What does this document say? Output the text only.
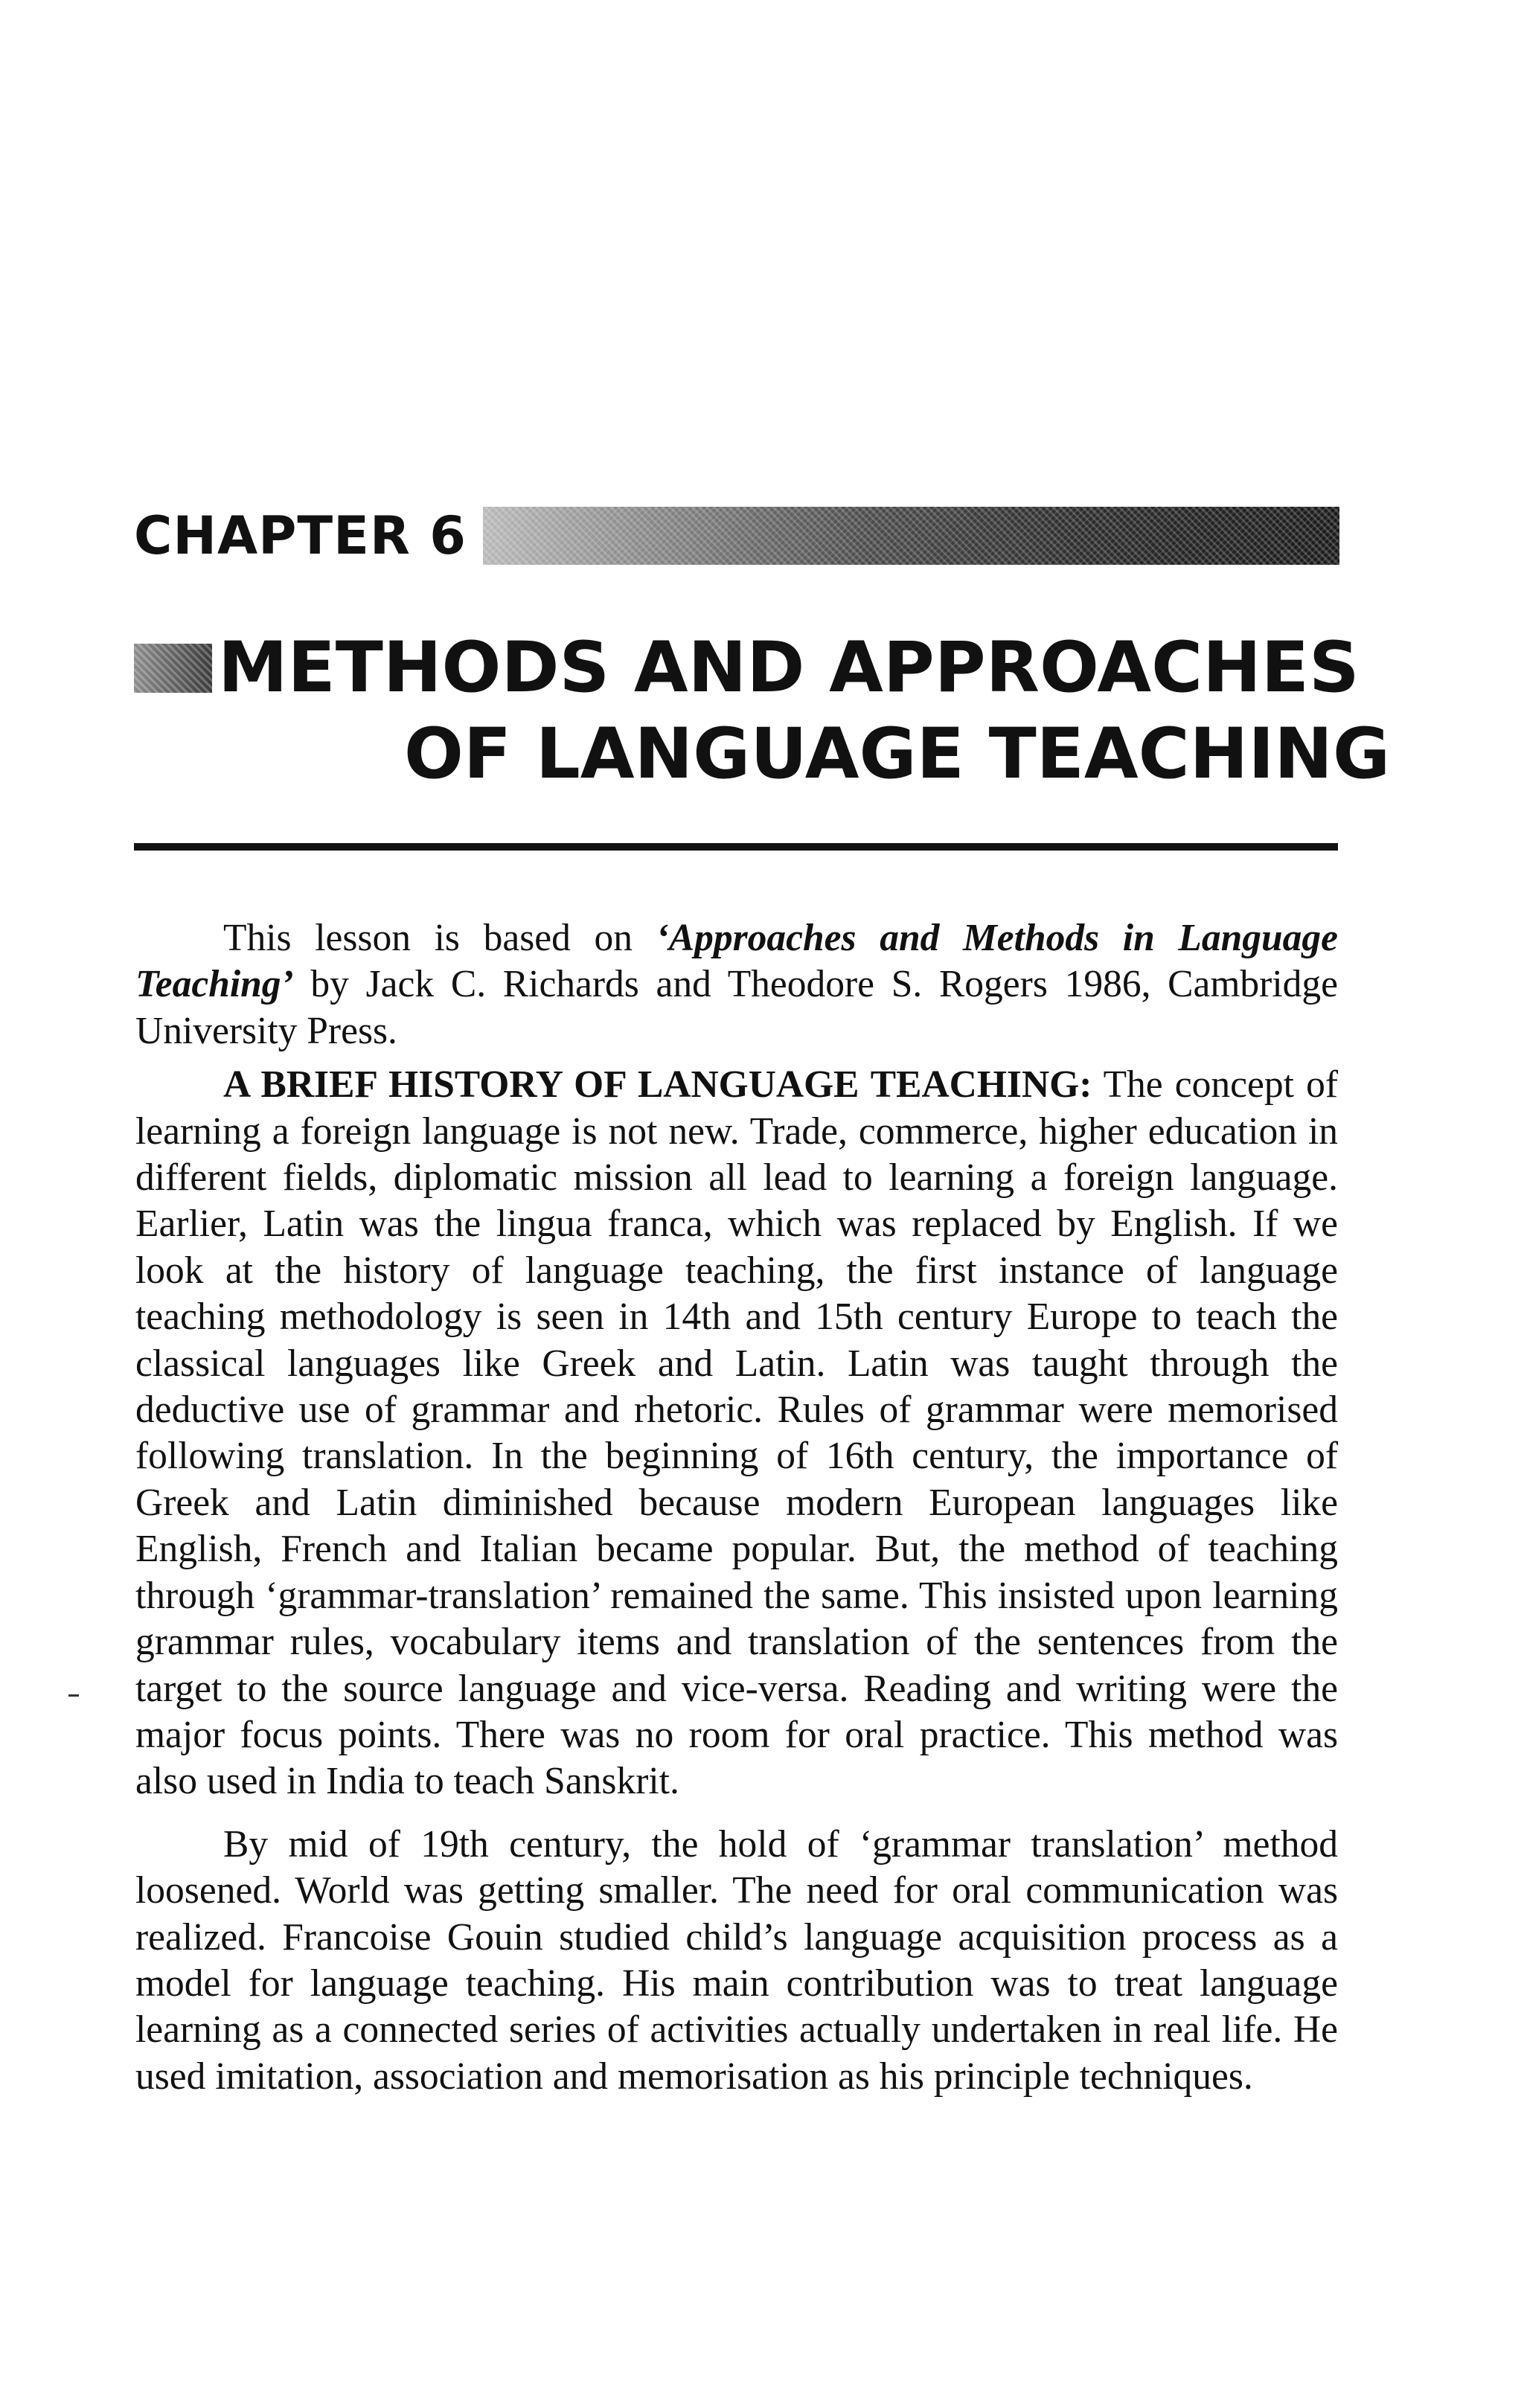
CHAPTER 6
METHODS AND APPROACHES
OF LANGUAGE TEACHING

This lesson is based on ‘Approaches and Methods in Language Teaching’ by Jack C. Richards and Theodore S. Rogers 1986, Cambridge University Press.

A BRIEF HISTORY OF LANGUAGE TEACHING: The concept of learning a foreign language is not new. Trade, commerce, higher education in different fields, diplomatic mission all lead to learning a foreign language. Earlier, Latin was the lingua franca, which was replaced by English. If we look at the history of language teaching, the first instance of language teaching methodology is seen in 14th and 15th century Europe to teach the classical languages like Greek and Latin. Latin was taught through the deductive use of grammar and rhetoric. Rules of grammar were memorised following translation. In the beginning of 16th century, the importance of Greek and Latin diminished because modern European languages like English, French and Italian became popular. But, the method of teaching through ‘grammar-translation’ remained the same. This insisted upon learning grammar rules, vocabulary items and translation of the sentences from the target to the source language and vice-versa. Reading and writing were the major focus points. There was no room for oral practice. This method was also used in India to teach Sanskrit.

By mid of 19th century, the hold of ‘grammar translation’ method loosened. World was getting smaller. The need for oral communication was realized. Francoise Gouin studied child’s language acquisition process as a model for language teaching. His main contribution was to treat language learning as a connected series of activities actually undertaken in real life. He used imitation, association and memorisation as his principle techniques.
